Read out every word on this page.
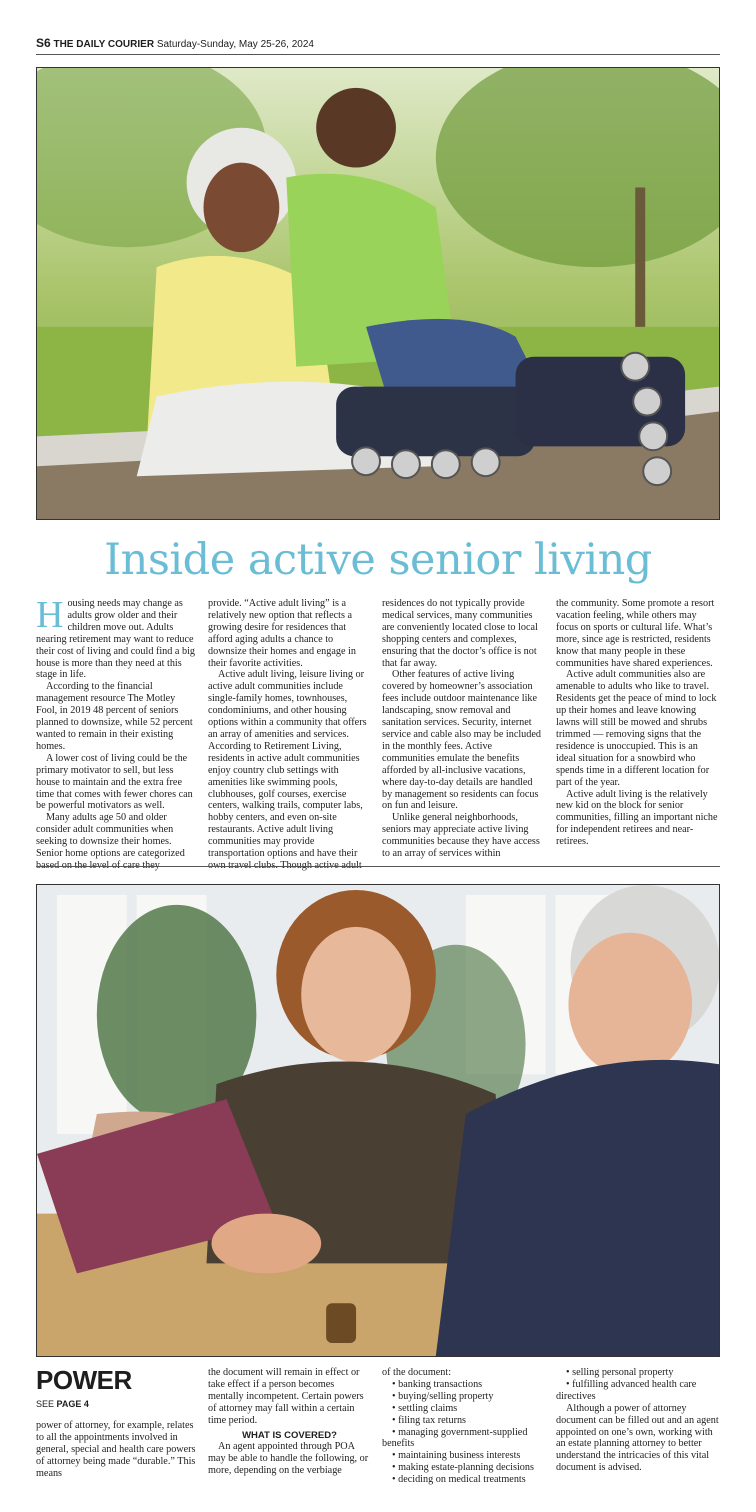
S6 THE DAILY COURIER Saturday-Sunday, May 25-26, 2024
Inside active senior living

Housing needs may change as adults grow older and their children move out. Adults nearing retirement may want to reduce their cost of living and could find a big house is more than they need at this stage in life.

According to the financial management resource The Motley Fool, in 2019 48 percent of seniors planned to downsize, while 52 percent wanted to remain in their existing homes.

A lower cost of living could be the primary motivator to sell, but less house to maintain and the extra free time that comes with fewer chores can be powerful motivators as well.

Many adults age 50 and older consider adult communities when seeking to downsize their homes. Senior home options are categorized based on the level of care they

provide. “Active adult living” is a relatively new option that reflects a growing desire for residences that afford aging adults a chance to downsize their homes and engage in their favorite activities.

Active adult living, leisure living or active adult communities include single-family homes, townhouses, condominiums, and other housing options within a community that offers an array of amenities and services. According to Retirement Living, residents in active adult communities enjoy country club settings with amenities like swimming pools, clubhouses, golf courses, exercise centers, walking trails, computer labs, hobby centers, and even on-site restaurants. Active adult living communities may provide transportation options and have their own travel clubs. Though active adult

residences do not typically provide medical services, many communities are conveniently located close to local shopping centers and complexes, ensuring that the doctor’s office is not that far away.

Other features of active living covered by homeowner’s association fees include outdoor maintenance like landscaping, snow removal and sanitation services. Security, internet service and cable also may be included in the monthly fees. Active communities emulate the benefits afforded by all-inclusive vacations, where day-to-day details are handled by management so residents can focus on fun and leisure.

Unlike general neighborhoods, seniors may appreciate active living communities because they have access to an array of services within

the community. Some promote a resort vacation feeling, while others may focus on sports or cultural life. What’s more, since age is restricted, residents know that many people in these communities have shared experiences.

Active adult communities also are amenable to adults who like to travel. Residents get the peace of mind to lock up their homes and leave knowing lawns will still be mowed and shrubs trimmed — removing signs that the residence is unoccupied. This is an ideal situation for a snowbird who spends time in a different location for part of the year.

Active adult living is the relatively new kid on the block for senior communities, filling an important niche for independent retirees and near-retirees.

POWER
SEE PAGE 4

power of attorney, for example, relates to all the appointments involved in general, special and health care powers of attorney being made “durable.” This means

the document will remain in effect or take effect if a person becomes mentally incompetent. Certain powers of attorney may fall within a certain time period.

WHAT IS COVERED?

An agent appointed through POA may be able to handle the following, or more, depending on the verbiage

of the document:

• banking transactions
• buying/selling property
• settling claims
• filing tax returns
• managing government-supplied benefits
• maintaining business interests
• making estate-planning decisions
• deciding on medical treatments
• selling personal property
• fulfilling advanced health care directives

Although a power of attorney document can be filled out and an agent appointed on one’s own, working with an estate planning attorney to better understand the intricacies of this vital document is advised.
